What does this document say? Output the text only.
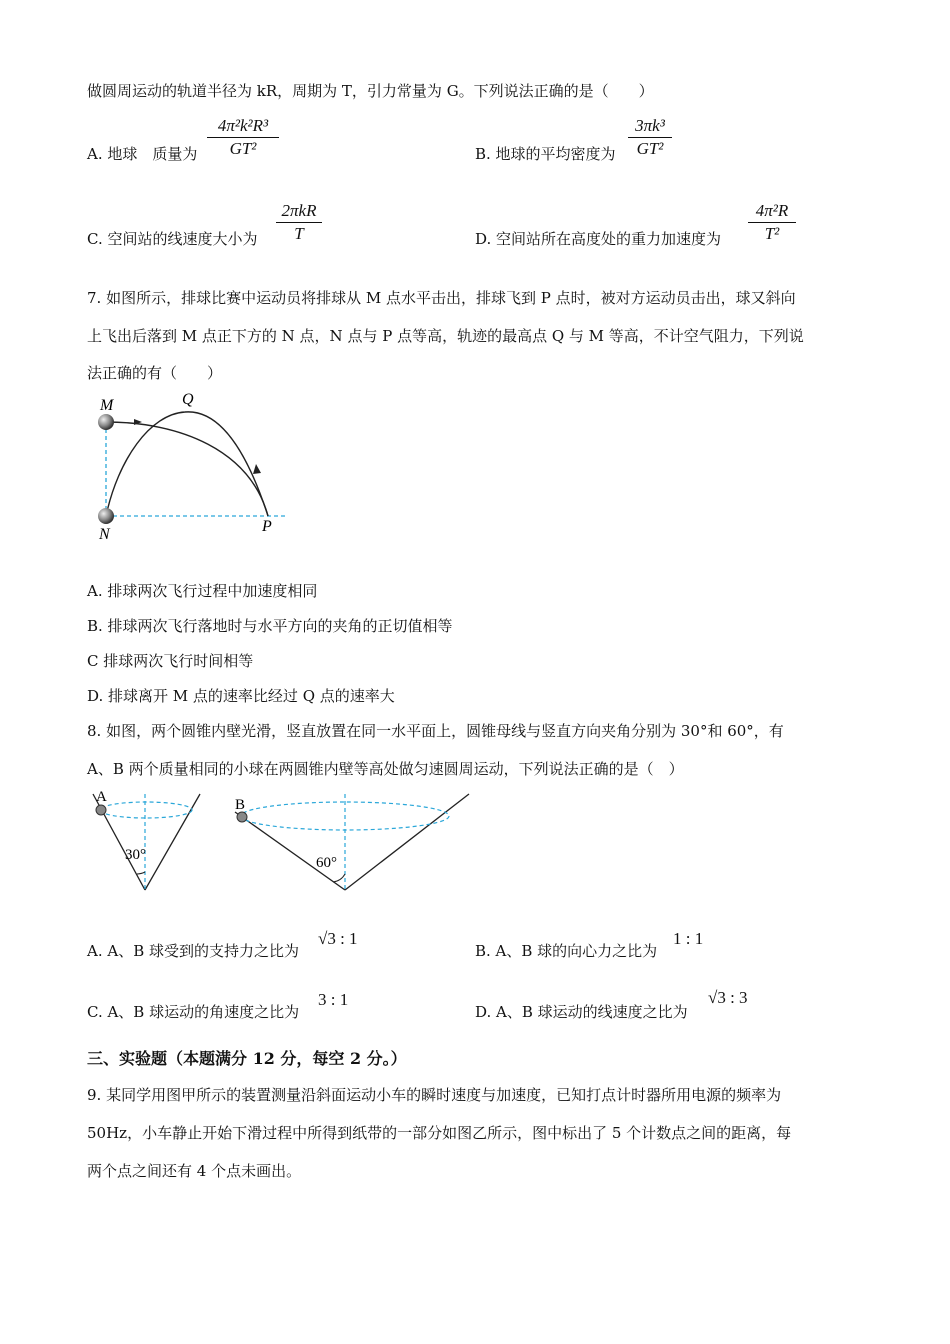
做圆周运动的轨道半径为 kR，周期为 T，引力常量为 G。下列说法正确的是（　　）
A. 地球　质量为
4π²k²R³
GT²	B. 地球的平均密度为
3πk³
GT²
C. 空间站的线速度大小为
2πkR
T	D. 空间站所在高度处的重力加速度为
4π²R
T²
7. 如图所示，排球比赛中运动员将排球从 M 点水平击出，排球飞到 P 点时，被对方运动员击出，球又斜向
上飞出后落到 M 点正下方的 N 点，N 点与 P 点等高，轨迹的最高点 Q 与 M 等高，不计空气阻力，下列说
法正确的有（　　）
M	Q
N	P
A. 排球两次飞行过程中加速度相同
B. 排球两次飞行落地时与水平方向的夹角的正切值相等
C 排球两次飞行时间相等
D. 排球离开 M 点的速率比经过 Q 点的速率大
8. 如图，两个圆锥内壁光滑，竖直放置在同一水平面上，圆锥母线与竖直方向夹角分别为 30°和 60°，有
A、B 两个质量相同的小球在两圆锥内壁等高处做匀速圆周运动，下列说法正确的是（　）
A
30°
B
60°
A. A、B 球受到的支持力之比为
√3 : 1
B. A、B 球的向心力之比为
1 : 1
C. A、B 球运动的角速度之比为
3 : 1
D. A、B 球运动的线速度之比为
√3 : 3
三、实验题（本题满分 12 分，每空 2 分。）
9. 某同学用图甲所示的装置测量沿斜面运动小车的瞬时速度与加速度，已知打点计时器所用电源的频率为
50Hz，小车静止开始下滑过程中所得到纸带的一部分如图乙所示，图中标出了 5 个计数点之间的距离，每
两个点之间还有 4 个点未画出。
